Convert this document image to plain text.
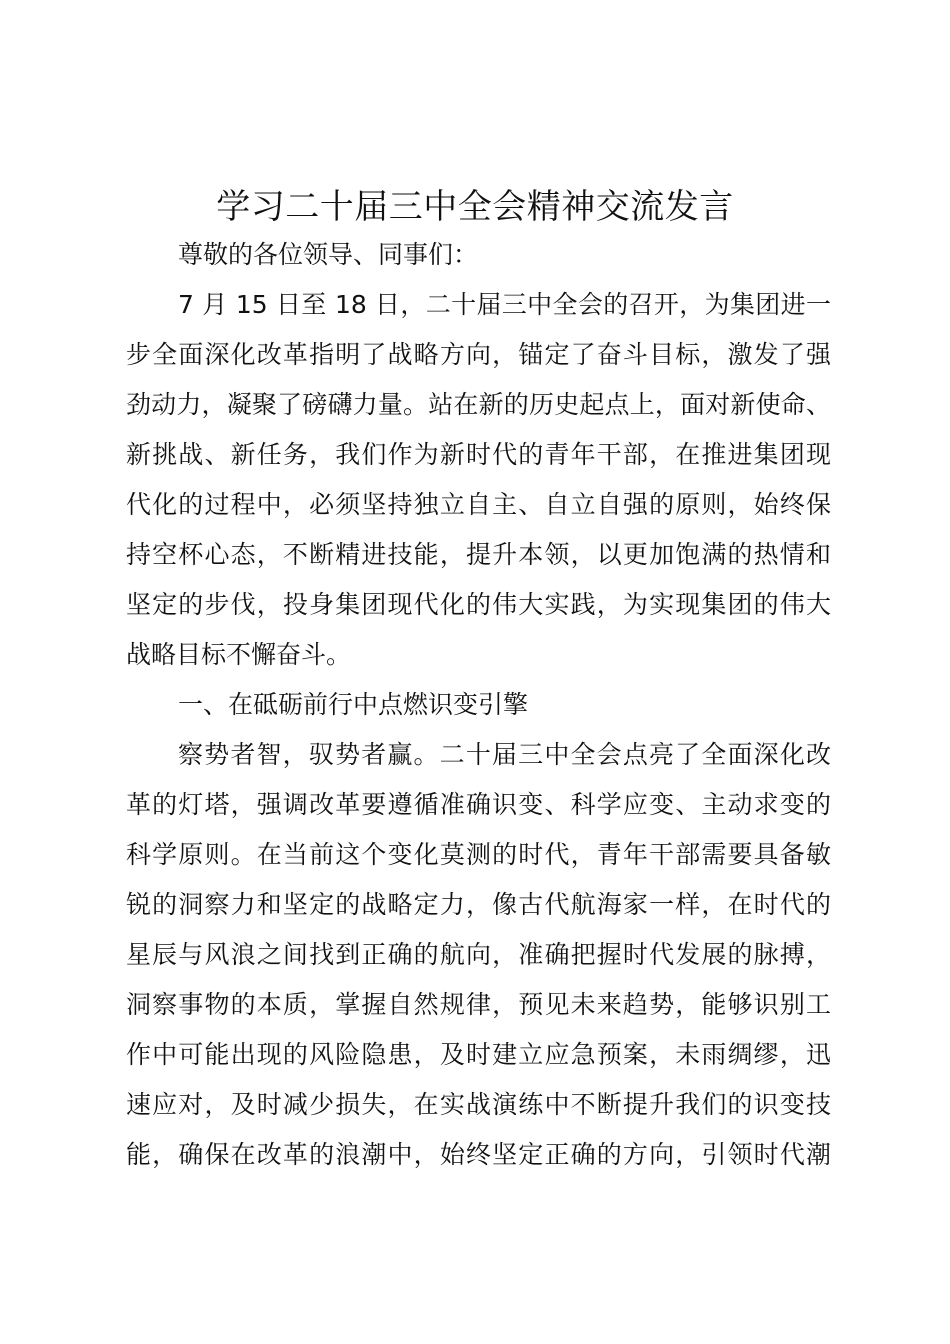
学习二十届三中全会精神交流发言
尊敬的各位领导、同事们：
7 月 15 日至 18 日，二十届三中全会的召开，为集团进一
步全面深化改革指明了战略方向，锚定了奋斗目标，激发了强
劲动力，凝聚了磅礴力量。站在新的历史起点上，面对新使命、
新挑战、新任务，我们作为新时代的青年干部，在推进集团现
代化的过程中，必须坚持独立自主、自立自强的原则，始终保
持空杯心态，不断精进技能，提升本领，以更加饱满的热情和
坚定的步伐，投身集团现代化的伟大实践，为实现集团的伟大
战略目标不懈奋斗。
一、在砥砺前行中点燃识变引擎
察势者智，驭势者赢。二十届三中全会点亮了全面深化改
革的灯塔，强调改革要遵循准确识变、科学应变、主动求变的
科学原则。在当前这个变化莫测的时代，青年干部需要具备敏
锐的洞察力和坚定的战略定力，像古代航海家一样，在时代的
星辰与风浪之间找到正确的航向，准确把握时代发展的脉搏，
洞察事物的本质，掌握自然规律，预见未来趋势，能够识别工
作中可能出现的风险隐患，及时建立应急预案，未雨绸缪，迅
速应对，及时减少损失，在实战演练中不断提升我们的识变技
能，确保在改革的浪潮中，始终坚定正确的方向，引领时代潮
